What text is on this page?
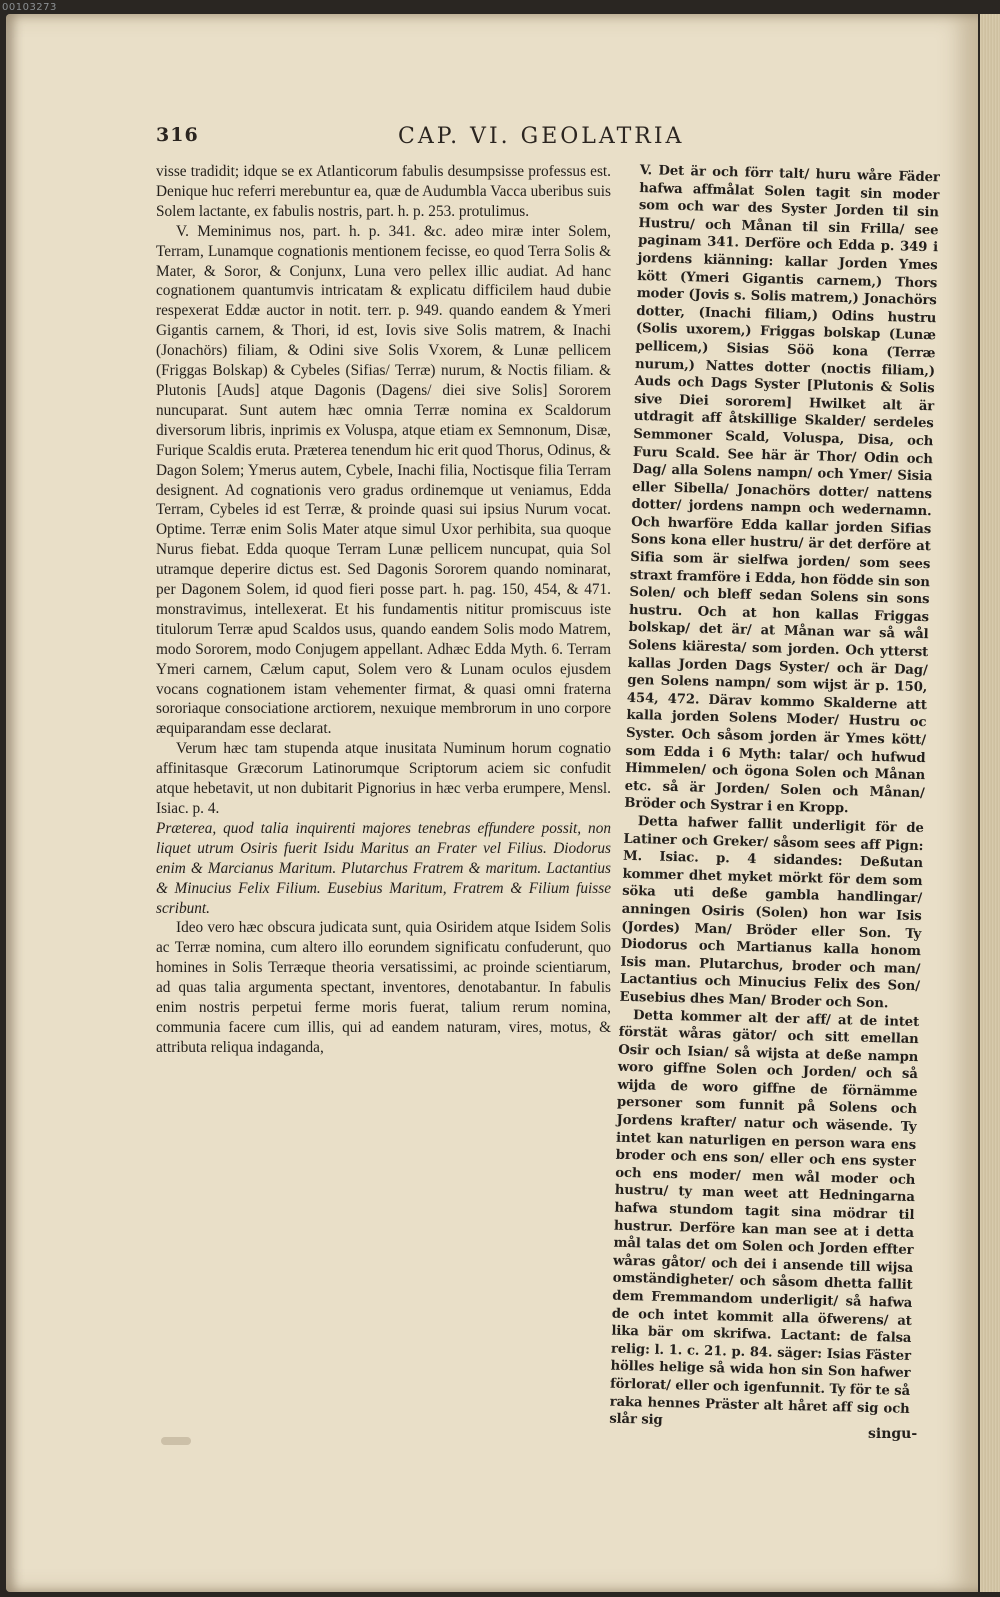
00103273
316	CAP. VI. GEOLATRIA

visse tradidit; idque se ex Atlanticorum fabulis desumpsisse professus est. Denique huc referri merebuntur ea, quæ de Audumbla Vacca uberibus suis Solem lactante, ex fabulis nostris, part. h. p. 253. protulimus.

V. Meminimus nos, part. h. p. 341. &c. adeo miræ inter Solem, Terram, Lunamque cognationis mentionem fecisse, eo quod Terra Solis & Mater, & Soror, & Conjunx, Luna vero pellex illic audiat. Ad hanc cognationem quantumvis intricatam & explicatu difficilem haud dubie respexerat Eddæ auctor in notit. terr. p. 949. quando eandem & Ymeri Gigantis carnem, & Thori, id est, Iovis sive Solis matrem, & Inachi (Jonachörs) filiam, & Odini sive Solis Vxorem, & Lunæ pellicem (Friggas Bolskap) & Cybeles (Sifias/ Terræ) nurum, & Noctis filiam. & Plutonis [Auds] atque Dagonis (Dagens/ diei sive Solis] Sororem nuncuparat. Sunt autem hæc omnia Terræ nomina ex Scaldorum diversorum libris, inprimis ex Voluspa, atque etiam ex Semnonum, Disæ, Furique Scaldis eruta. Præterea tenendum hic erit quod Thorus, Odinus, & Dagon Solem; Ymerus autem, Cybele, Inachi filia, Noctisque filia Terram designent. Ad cognationis vero gradus ordinemque ut veniamus, Edda Terram, Cybeles id est Terræ, & proinde quasi sui ipsius Nurum vocat. Optime. Terræ enim Solis Mater atque simul Uxor perhibita, sua quoque Nurus fiebat. Edda quoque Terram Lunæ pellicem nuncupat, quia Sol utramque deperire dictus est. Sed Dagonis Sororem quando nominarat, per Dagonem Solem, id quod fieri posse part. h. pag. 150, 454, & 471. monstravimus, intellexerat. Et his fundamentis nititur promiscuus iste titulorum Terræ apud Scaldos usus, quando eandem Solis modo Matrem, modo Sororem, modo Conjugem appellant. Adhæc Edda Myth. 6. Terram Ymeri carnem, Cælum caput, Solem vero & Lunam oculos ejusdem vocans cognationem istam vehementer firmat, & quasi omni fraterna sororiaque consociatione arctiorem, nexuique membrorum in uno corpore æquiparandam esse declarat.

Verum hæc tam stupenda atque inusitata Numinum horum cognatio affinitasque Græcorum Latinorumque Scriptorum aciem sic confudit atque hebetavit, ut non dubitarit Pignorius in hæc verba erumpere, Mensl. Isiac. p. 4.

Præterea, quod talia inquirenti majores tenebras effundere possit, non liquet utrum Osiris fuerit Isidu Maritus an Frater vel Filius. Diodorus enim & Marcianus Maritum. Plutarchus Fratrem & maritum. Lactantius & Minucius Felix Filium. Eusebius Maritum, Fratrem & Filium fuisse scribunt.

Ideo vero hæc obscura judicata sunt, quia Osiridem atque Isidem Solis ac Terræ nomina, cum altero illo eorundem significatu confuderunt, quo homines in Solis Terræque theoria versatissimi, ac proinde scientiarum, ad quas talia argumenta spectant, inventores, denotabantur. In fabulis enim nostris perpetui ferme moris fuerat, talium rerum nomina, communia facere cum illis, qui ad eandem naturam, vires, motus, & attributa reliqua indaganda,

V. Det är och förr talt/ huru wåre Fäder hafwa affmålat Solen tagit sin moder som och war des Syster Jorden til sin Hustru/ och Månan til sin Frilla/ see paginam 341. Derföre och Edda p. 349 i jordens kiänning: kallar Jorden Ymes kött (Ymeri Gigantis carnem,) Thors moder (Jovis s. Solis matrem,) Jonachörs dotter, (Inachi filiam,) Odins hustru (Solis uxorem,) Friggas bolskap (Lunæ pellicem,) Sisias Söö kona (Terræ nurum,) Nattes dotter (noctis filiam,) Auds och Dags Syster [Plutonis & Solis sive Diei sororem] Hwilket alt är utdragit aff åtskillige Skalder/ serdeles Semmoner Scald, Voluspa, Disa, och Furu Scald. See här är Thor/ Odin och Dag/ alla Solens nampn/ och Ymer/ Sisia eller Sibella/ Jonachörs dotter/ nattens dotter/ jordens nampn och wedernamn. Och hwarföre Edda kallar jorden Sifias Sons kona eller hustru/ är det derföre at Sifia som är sielfwa jorden/ som sees straxt framföre i Edda, hon födde sin son Solen/ och bleff sedan Solens sin sons hustru. Och at hon kallas Friggas bolskap/ det är/ at Månan war så wål Solens kiäresta/ som jorden. Och ytterst kallas Jorden Dags Syster/ och är Dag/ gen Solens nampn/ som wijst är p. 150, 454, 472. Därav kommo Skalderne att kalla jorden Solens Moder/ Hustru oc Syster. Och såsom jorden är Ymes kött/ som Edda i 6 Myth: talar/ och hufwud Himmelen/ och ögona Solen och Månan etc. så är Jorden/ Solen och Månan/ Bröder och Systrar i en Kropp.

Detta hafwer fallit underligit för de Latiner och Greker/ såsom sees aff Pign: M. Isiac. p. 4 sidandes: Deßutan kommer dhet myket mörkt för dem som söka uti deße gambla handlingar/ anningen Osiris (Solen) hon war Isis (Jordes) Man/ Bröder eller Son. Ty Diodorus och Martianus kalla honom Isis man. Plutarchus, broder och man/ Lactantius och Minucius Felix des Son/ Eusebius dhes Man/ Broder och Son.

Detta kommer alt der aff/ at de intet förstät wåras gätor/ och sitt emellan Osir och Isian/ så wijsta at deße nampn woro giffne Solen och Jorden/ och så wijda de woro giffne de förnämme personer som funnit på Solens och Jordens krafter/ natur och wäsende. Ty intet kan naturligen en person wara ens broder och ens son/ eller och ens syster och ens moder/ men wål moder och hustru/ ty man weet att Hedningarna hafwa stundom tagit sina mödrar til hustrur. Derföre kan man see at i detta mål talas det om Solen och Jorden effter wåras gåtor/ och dei i ansende till wijsa omständigheter/ och såsom dhetta fallit dem Fremmandom underligit/ så hafwa de och intet kommit alla öfwerens/ at lika bär om skrifwa. Lactant: de falsa relig: l. 1. c. 21. p. 84. säger: Isias Fäster hölles helige så wida hon sin Son hafwer förlorat/ eller och igenfunnit. Ty för te så raka hennes Präster alt håret aff sig och slår sig

singu-
